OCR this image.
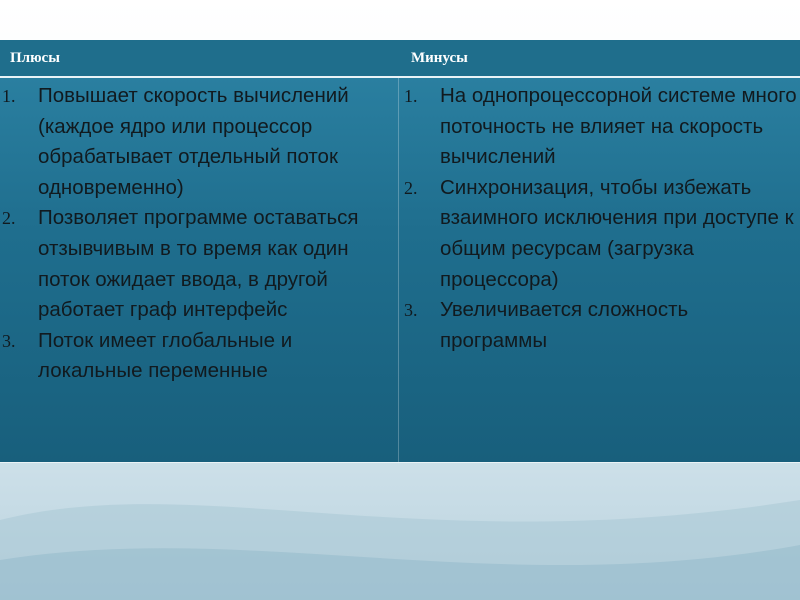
Плюсы	Минусы
1.	Повышает скорость вычислений (каждое ядро или процессор обрабатывает отдельный поток одновременно)
2.	Позволяет программе оставаться отзывчивым в то время как один поток ожидает ввода, в другой работает граф интерфейс
3.	Поток имеет глобальные и локальные переменные
1.	На однопроцессорной системе много поточность не влияет на скорость вычислений
2.	Синхронизация, чтобы избежать взаимного исключения при доступе к общим ресурсам (загрузка процессора)
3.	Увеличивается сложность программы
